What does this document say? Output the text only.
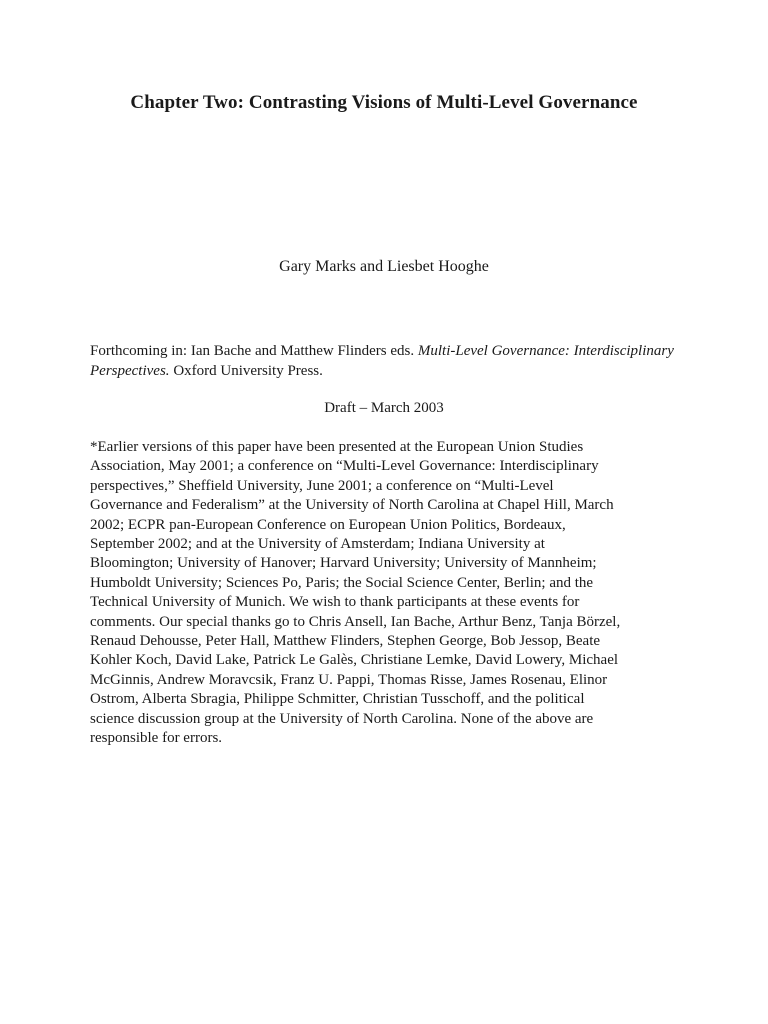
Chapter Two: Contrasting Visions of Multi-Level Governance
Gary Marks and Liesbet Hooghe
Forthcoming in: Ian Bache and Matthew Flinders eds. Multi-Level Governance: Interdisciplinary Perspectives. Oxford University Press.
Draft – March 2003
*Earlier versions of this paper have been presented at the European Union Studies
Association, May 2001; a conference on “Multi-Level Governance: Interdisciplinary
perspectives,” Sheffield University, June 2001; a conference on “Multi-Level
Governance and Federalism” at the University of North Carolina at Chapel Hill, March
2002; ECPR pan-European Conference on European Union Politics, Bordeaux,
September 2002; and at the University of Amsterdam; Indiana University at
Bloomington; University of Hanover; Harvard University; University of Mannheim;
Humboldt University; Sciences Po, Paris; the Social Science Center, Berlin; and the
Technical University of Munich. We wish to thank participants at these events for
comments. Our special thanks go to Chris Ansell, Ian Bache, Arthur Benz, Tanja Börzel,
Renaud Dehousse, Peter Hall, Matthew Flinders, Stephen George, Bob Jessop, Beate
Kohler Koch, David Lake, Patrick Le Galès, Christiane Lemke, David Lowery, Michael
McGinnis, Andrew Moravcsik, Franz U. Pappi, Thomas Risse, James Rosenau, Elinor
Ostrom, Alberta Sbragia, Philippe Schmitter, Christian Tusschoff, and the political
science discussion group at the University of North Carolina. None of the above are
responsible for errors.
